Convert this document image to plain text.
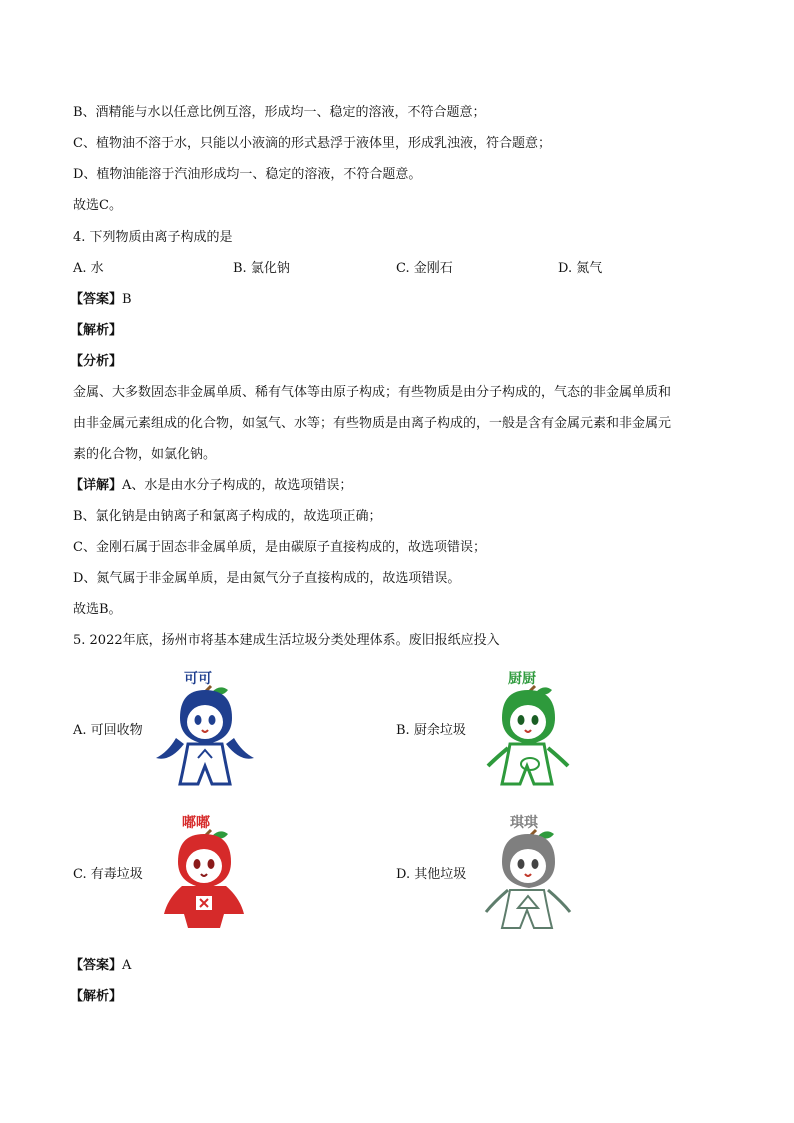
B、酒精能与水以任意比例互溶，形成均一、稳定的溶液，不符合题意；
C、植物油不溶于水，只能以小液滴的形式悬浮于液体里，形成乳浊液，符合题意；
D、植物油能溶于汽油形成均一、稳定的溶液，不符合题意。
故选C。
4. 下列物质由离子构成的是
A. 水	B. 氯化钠	C. 金刚石	D. 氮气
【答案】B
【解析】
【分析】
金属、大多数固态非金属单质、稀有气体等由原子构成；有些物质是由分子构成的，气态的非金属单质和
由非金属元素组成的化合物，如氢气、水等；有些物质是由离子构成的，一般是含有金属元素和非金属元
素的化合物，如氯化钠。
【详解】A、水是由水分子构成的，故选项错误；
B、氯化钠是由钠离子和氯离子构成的，故选项正确；
C、金刚石属于固态非金属单质，是由碳原子直接构成的，故选项错误；
D、氮气属于非金属单质，是由氮气分子直接构成的，故选项错误。
故选B。
5. 2022年底，扬州市将基本建成生活垃圾分类处理体系。废旧报纸应投入
A. 可回收物
可可
B. 厨余垃圾
厨厨
C. 有毒垃圾
嘟嘟
D. 其他垃圾
琪琪
【答案】A
【解析】
